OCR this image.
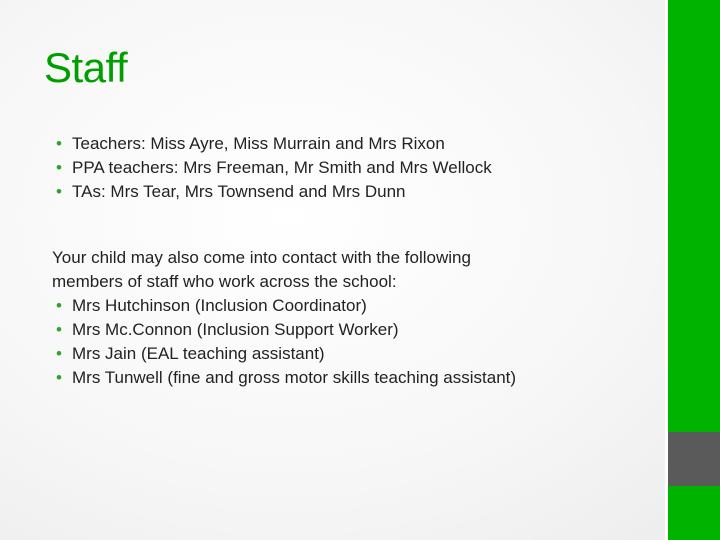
Staff
• Teachers: Miss Ayre, Miss Murrain and Mrs Rixon
• PPA teachers: Mrs Freeman, Mr Smith and Mrs Wellock
• TAs: Mrs Tear, Mrs Townsend and Mrs Dunn
Your child may also come into contact with the following
members of staff who work across the school:
• Mrs Hutchinson (Inclusion Coordinator)
• Mrs Mc.Connon (Inclusion Support Worker)
• Mrs Jain (EAL teaching assistant)
• Mrs Tunwell (fine and gross motor skills teaching assistant)
